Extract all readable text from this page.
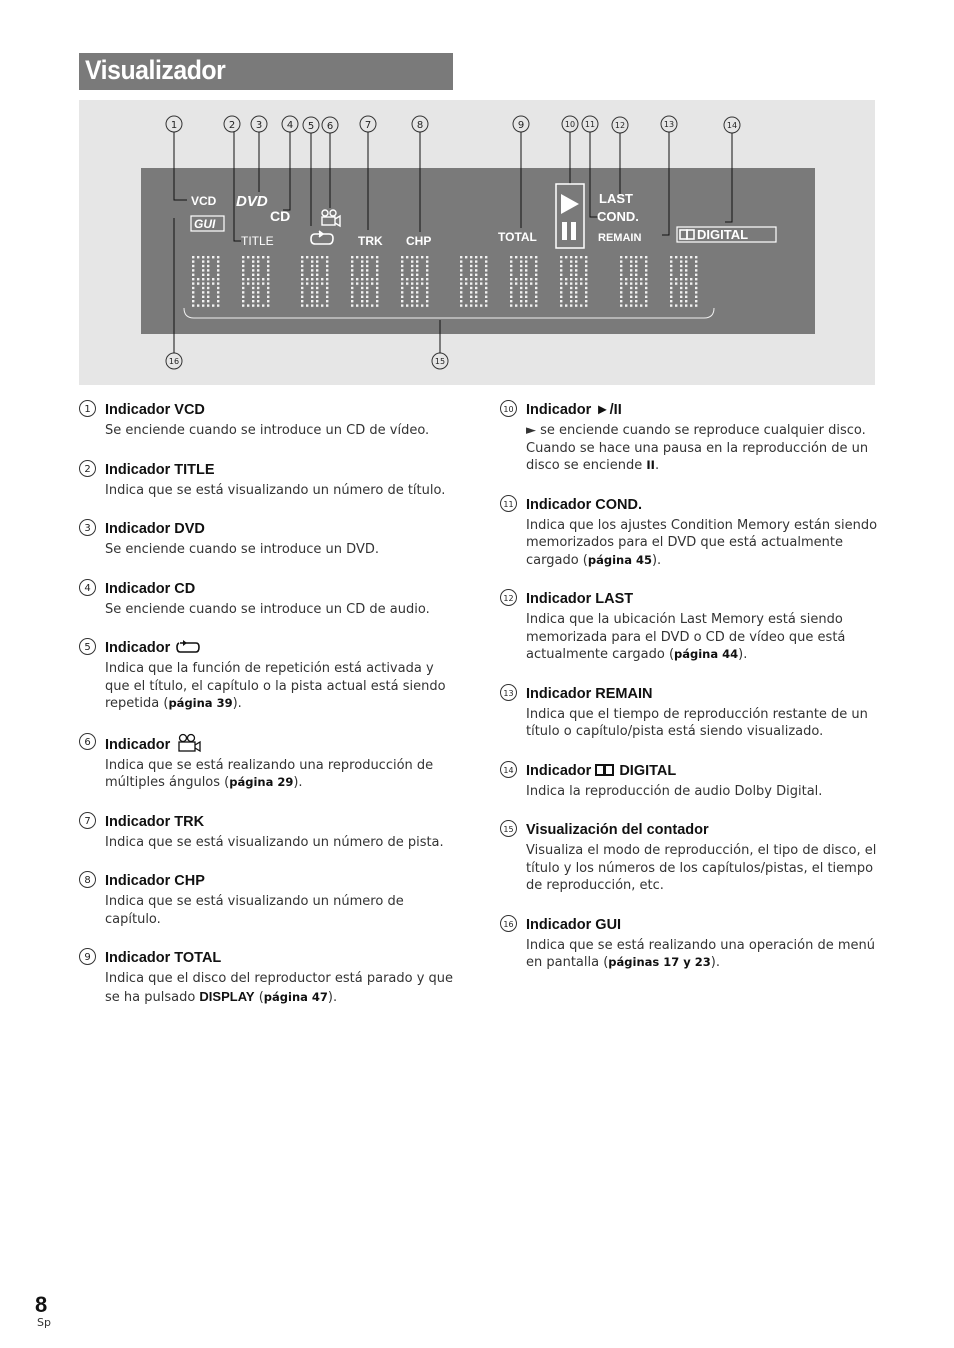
Visualizador
1	2 3 4 5 6	7	8	9	10 11 12	13	14
15
16
VCD DVD
CD
GUI
TITLE	TRK CHP	TOTAL
LAST
COND.
REMAIN	DIGITAL
1 Indicador VCD
Se enciende cuando se introduce un CD de vídeo.
2 Indicador TITLE
Indica que se está visualizando un número de título.
3 Indicador DVD
Se enciende cuando se introduce un DVD.
4 Indicador CD
Se enciende cuando se introduce un CD de audio.
5 Indicador
Indica que la función de repetición está activada y que el título, el capítulo o la pista actual está siendo repetida (página 39).
6 Indicador
Indica que se está realizando una reproducción de múltiples ángulos (página 29).
7 Indicador TRK
Indica que se está visualizando un número de pista.
8 Indicador CHP
Indica que se está visualizando un número de capítulo.
9 Indicador TOTAL
Indica que el disco del reproductor está parado y que se ha pulsado DISPLAY (página 47).
10 Indicador ►/II
► se enciende cuando se reproduce cualquier disco. Cuando se hace una pausa en la reproducción de un disco se enciende II.
11 Indicador COND.
Indica que los ajustes Condition Memory están siendo memorizados para el DVD que está actualmente cargado (página 45).
12 Indicador LAST
Indica que la ubicación Last Memory está siendo memorizada para el DVD o CD de vídeo que está actualmente cargado (página 44).
13 Indicador REMAIN
Indica que el tiempo de reproducción restante de un título o capítulo/pista está siendo visualizado.
14 Indicador DIGITAL
Indica la reproducción de audio Dolby Digital.
15 Visualización del contador
Visualiza el modo de reproducción, el tipo de disco, el título y los números de los capítulos/pistas, el tiempo de reproducción, etc.
16 Indicador GUI
Indica que se está realizando una operación de menú en pantalla (páginas 17 y 23).
8
Sp
